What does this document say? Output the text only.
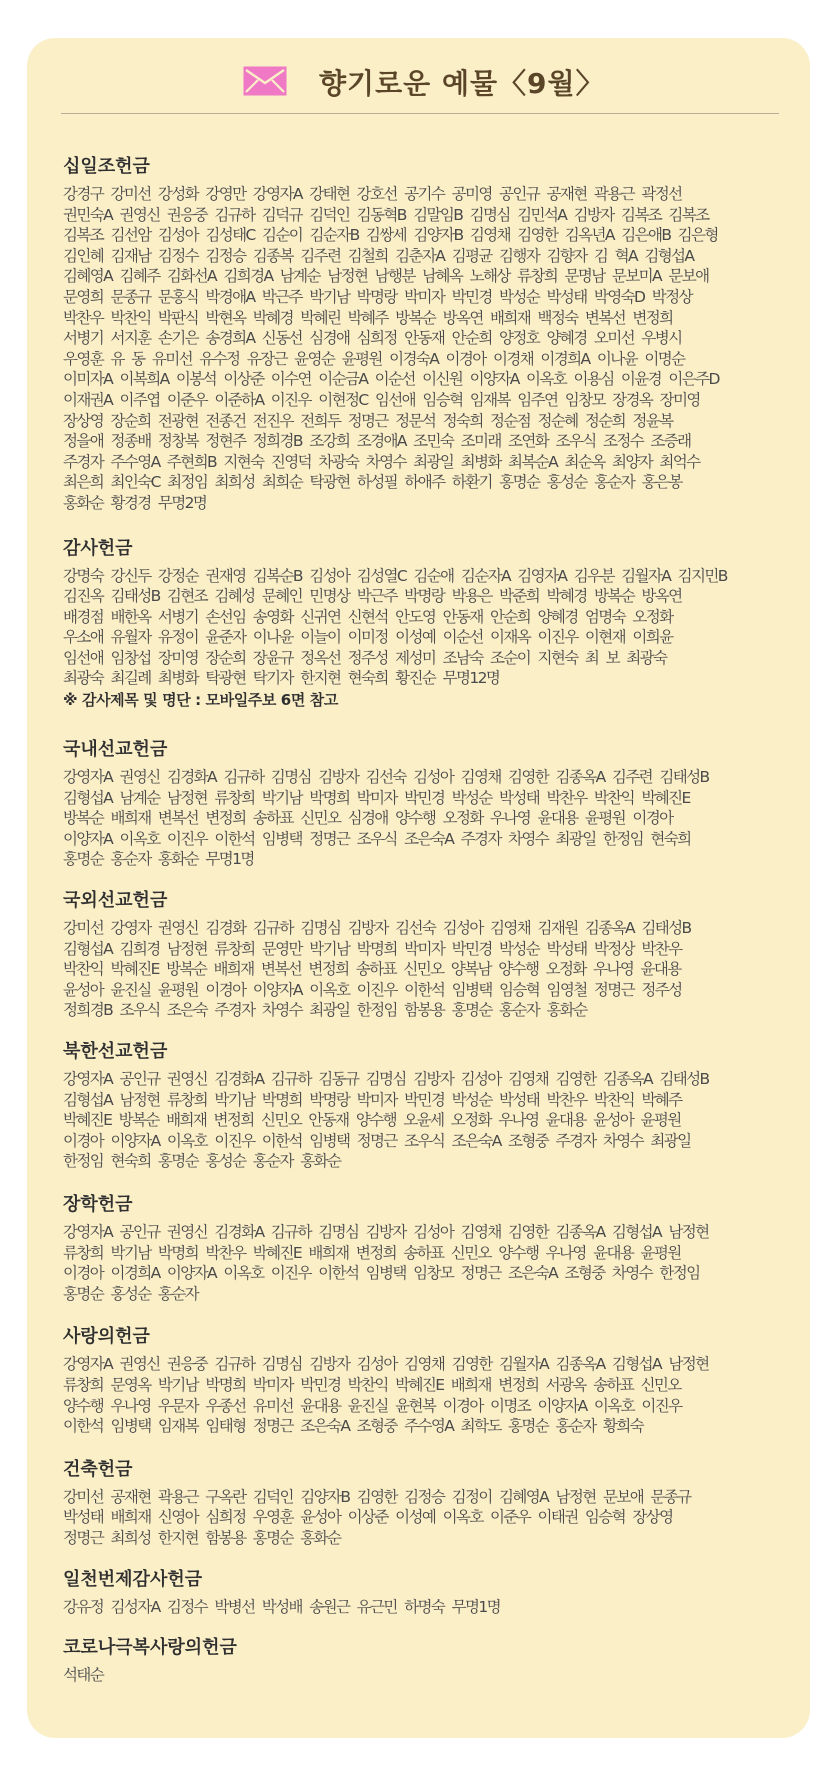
향기로운 예물〈9월〉
십일조헌금
강경구 강미선 강성화 강영만 강영자A 강태현 강호선 공기수 공미영 공인규 공재현 곽용근 곽정선
권민숙A 권영신 권응중 김규하 김덕규 김덕인 김동혁B 김말임B 김명심 김민석A 김방자 김복조 김복조
김복조 김선암 김성아 김성태C 김순이 김순자B 김쌍세 김양자B 김영채 김영한 김옥년A 김은애B 김은형
김인혜 김재남 김정수 김정승 김종복 김주련 김철희 김춘자A 김평균 김행자 김향자 김 혁A 김형섭A
김혜영A 김혜주 김화선A 김희경A 남계순 남정현 남행분 남혜옥 노해상 류창희 문명남 문보미A 문보애
문영희 문종규 문홍식 박경애A 박근주 박기남 박명랑 박미자 박민경 박성순 박성태 박영숙D 박정상
박찬우 박찬익 박판식 박현옥 박혜경 박혜린 박혜주 방복순 방옥연 배희재 백정숙 변복선 변정희
서병기 서지훈 손기은 송경희A 신동선 심경애 심희정 안동재 안순희 양정호 양혜경 오미선 우병시
우영훈 유 동 유미선 유수정 유장근 윤영순 윤평원 이경숙A 이경아 이경채 이경희A 이나윤 이명순
이미자A 이복희A 이봉석 이상준 이수연 이순금A 이순선 이신원 이양자A 이옥호 이용심 이윤경 이은주D
이재권A 이주엽 이준우 이준하A 이진우 이현정C 임선애 임승혁 임재복 임주연 임창모 장경옥 장미영
장상영 장순희 전광현 전종건 전진우 전희두 정명근 정문석 정숙희 정순점 정순혜 정순희 정윤복
정을애 정종배 정창복 정현주 정희경B 조강희 조경애A 조민숙 조미래 조연화 조우식 조정수 조증래
주경자 주수영A 주현희B 지현숙 진영덕 차광숙 차영수 최광일 최병화 최복순A 최순옥 최양자 최억수
최은희 최인숙C 최정임 최희성 최희순 탁광현 하성필 하애주 하환기 홍명순 홍성순 홍순자 홍은봉
홍화순 황경경 무명2명
감사헌금
강명숙 강신두 강정순 권재영 김복순B 김성아 김성열C 김순애 김순자A 김영자A 김우분 김월자A 김지민B
김진옥 김태성B 김현조 김혜성 문혜인 민명상 박근주 박명랑 박용은 박준희 박혜경 방복순 방옥연
배경점 배한옥 서병기 손선임 송영화 신귀연 신현석 안도영 안동재 안순희 양혜경 엄명숙 오정화
우소애 유월자 유정이 윤준자 이나윤 이늘이 이미정 이성예 이순선 이재옥 이진우 이현재 이희윤
임선애 임창섭 장미영 장순희 장윤규 정옥선 정주성 제성미 조남숙 조순이 지현숙 최 보 최광숙
최광숙 최길례 최병화 탁광현 탁기자 한지현 현숙희 황진순 무명12명
※ 감사제목 및 명단 : 모바일주보 6면 참고
국내선교헌금
강영자A 권영신 김경화A 김규하 김명심 김방자 김선숙 김성아 김영채 김영한 김종옥A 김주련 김태성B
김형섭A 남계순 남정현 류창희 박기남 박명희 박미자 박민경 박성순 박성태 박찬우 박찬익 박혜진E
방복순 배희재 변복선 변정희 송하표 신민오 심경애 양수행 오정화 우나영 윤대용 윤평원 이경아
이양자A 이옥호 이진우 이한석 임병택 정명근 조우식 조은숙A 주경자 차영수 최광일 한정임 현숙희
홍명순 홍순자 홍화순 무명1명
국외선교헌금
강미선 강영자 권영신 김경화 김규하 김명심 김방자 김선숙 김성아 김영채 김재원 김종옥A 김태성B
김형섭A 김희경 남정현 류창희 문영만 박기남 박명희 박미자 박민경 박성순 박성태 박정상 박찬우
박찬익 박혜진E 방복순 배희재 변복선 변정희 송하표 신민오 양복남 양수행 오정화 우나영 윤대용
윤성아 윤진실 윤평원 이경아 이양자A 이옥호 이진우 이한석 임병택 임승혁 임영철 정명근 정주성
정희경B 조우식 조은숙 주경자 차영수 최광일 한정임 함봉용 홍명순 홍순자 홍화순
북한선교헌금
강영자A 공인규 권영신 김경화A 김규하 김동규 김명심 김방자 김성아 김영채 김영한 김종옥A 김태성B
김형섭A 남정현 류창희 박기남 박명희 박명랑 박미자 박민경 박성순 박성태 박찬우 박찬익 박혜주
박혜진E 방복순 배희재 변정희 신민오 안동재 양수행 오윤세 오정화 우나영 윤대용 윤성아 윤평원
이경아 이양자A 이옥호 이진우 이한석 임병택 정명근 조우식 조은숙A 조형중 주경자 차영수 최광일
한정임 현숙희 홍명순 홍성순 홍순자 홍화순
장학헌금
강영자A 공인규 권영신 김경화A 김규하 김명심 김방자 김성아 김영채 김영한 김종옥A 김형섭A 남정현
류창희 박기남 박명희 박찬우 박혜진E 배희재 변정희 송하표 신민오 양수행 우나영 윤대용 윤평원
이경아 이경희A 이양자A 이옥호 이진우 이한석 임병택 임창모 정명근 조은숙A 조형중 차영수 한정임
홍명순 홍성순 홍순자
사랑의헌금
강영자A 권영신 권응중 김규하 김명심 김방자 김성아 김영채 김영한 김월자A 김종옥A 김형섭A 남정현
류창희 문영옥 박기남 박명희 박미자 박민경 박찬익 박혜진E 배희재 변정희 서광옥 송하표 신민오
양수행 우나영 우문자 우종선 유미선 윤대용 윤진실 윤현복 이경아 이명조 이양자A 이옥호 이진우
이한석 임병택 임재복 임태형 정명근 조은숙A 조형중 주수영A 최학도 홍명순 홍순자 황희숙
건축헌금
강미선 공재현 곽용근 구옥란 김덕인 김양자B 김영한 김정승 김정이 김혜영A 남정현 문보애 문종규
박성태 배희재 신영아 심희정 우영훈 윤성아 이상준 이성예 이옥호 이준우 이태권 임승혁 장상영
정명근 최희성 한지현 함봉용 홍명순 홍화순
일천번제감사헌금
강유정 김성자A 김정수 박병선 박성배 송원근 유근민 하명숙 무명1명
코로나극복사랑의헌금
석태순
